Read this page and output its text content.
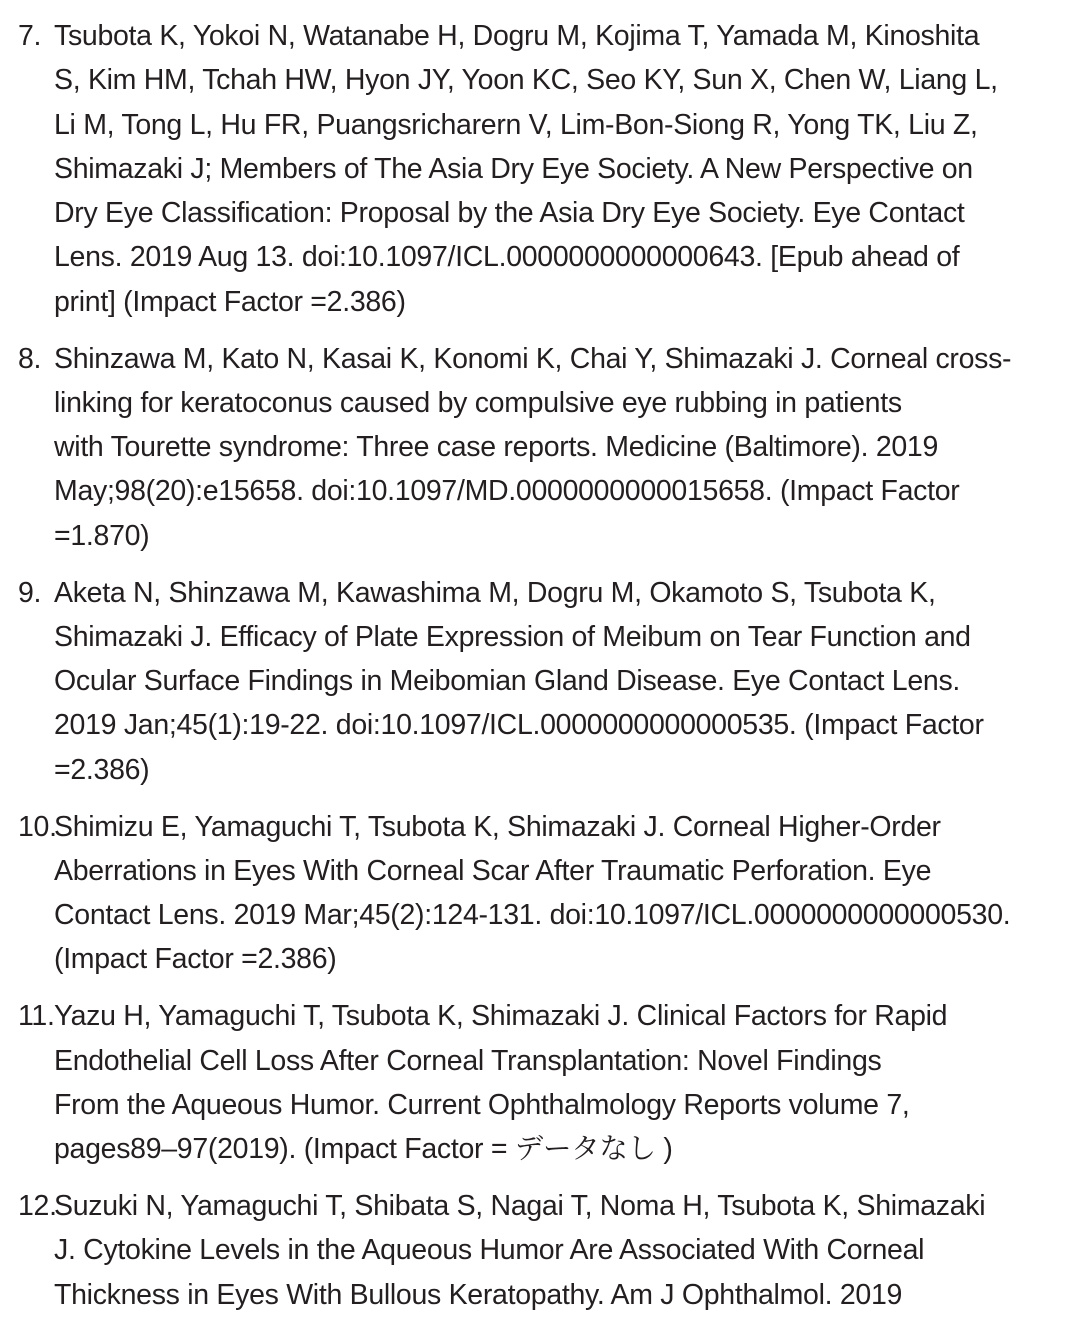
7. Tsubota K, Yokoi N, Watanabe H, Dogru M, Kojima T, Yamada M, Kinoshita
S, Kim HM, Tchah HW, Hyon JY, Yoon KC, Seo KY, Sun X, Chen W, Liang L,
Li M, Tong L, Hu FR, Puangsricharern V, Lim-Bon-Siong R, Yong TK, Liu Z,
Shimazaki J; Members of The Asia Dry Eye Society. A New Perspective on
Dry Eye Classification: Proposal by the Asia Dry Eye Society. Eye Contact
Lens. 2019 Aug 13. doi:10.1097/ICL.0000000000000643. [Epub ahead of
print] (Impact Factor =2.386)
8. Shinzawa M, Kato N, Kasai K, Konomi K, Chai Y, Shimazaki J. Corneal cross-
linking for keratoconus caused by compulsive eye rubbing in patients
with Tourette syndrome: Three case reports. Medicine (Baltimore). 2019
May;98(20):e15658. doi:10.1097/MD.0000000000015658. (Impact Factor
=1.870)
9. Aketa N, Shinzawa M, Kawashima M, Dogru M, Okamoto S, Tsubota K,
Shimazaki J. Efficacy of Plate Expression of Meibum on Tear Function and
Ocular Surface Findings in Meibomian Gland Disease. Eye Contact Lens.
2019 Jan;45(1):19-22. doi:10.1097/ICL.0000000000000535. (Impact Factor
=2.386)
10.
Shimizu E, Yamaguchi T, Tsubota K, Shimazaki J. Corneal Higher-Order
Aberrations in Eyes With Corneal Scar After Traumatic Perforation. Eye
Contact Lens. 2019 Mar;45(2):124-131. doi:10.1097/ICL.0000000000000530.
(Impact Factor =2.386)
11. Yazu H, Yamaguchi T, Tsubota K, Shimazaki J. Clinical Factors for Rapid
Endothelial Cell Loss After Corneal Transplantation: Novel Findings
From the Aqueous Humor. Current Ophthalmology Reports volume 7,
pages89–97(2019). (Impact Factor = データなし )
12.
Suzuki N, Yamaguchi T, Shibata S, Nagai T, Noma H, Tsubota K, Shimazaki
J. Cytokine Levels in the Aqueous Humor Are Associated With Corneal
Thickness in Eyes With Bullous Keratopathy. Am J Ophthalmol. 2019
